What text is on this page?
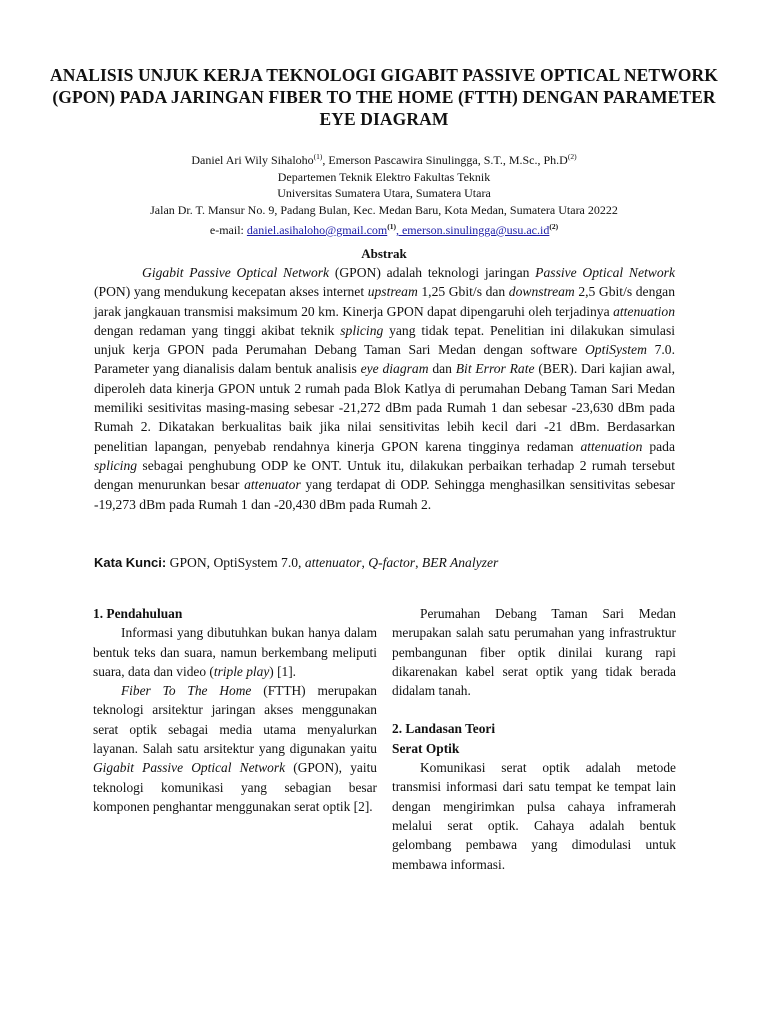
ANALISIS UNJUK KERJA TEKNOLOGI GIGABIT PASSIVE OPTICAL NETWORK (GPON) PADA JARINGAN FIBER TO THE HOME (FTTH) DENGAN PARAMETER EYE DIAGRAM
Daniel Ari Wily Sihaloho$^{(1)}$, Emerson Pascawira Sinulingga, S.T., M.Sc., $Ph.D^{(2)}$
Departemen Teknik Elektro Fakultas Teknik
Universitas Sumatera Utara, Sumatera Utara
Jalan Dr. T. Mansur No. 9, Padang Bulan, Kec. Medan Baru, Kota Medan, Sumatera Utara 20222
e-mail: daniel.asihaloho@gmail.com$^{(1)}$, $emerson.sinulingga@usu.ac.id^{(2)}$
Abstrak

Gigabit Passive Optical Network (GPON) adalah teknologi jaringan Passive Optical Network (PON) yang mendukung kecepatan akses internet upstream 1,25 Gbit/s dan downstream 2,5 Gbit/s dengan jarak jangkauan transmisi maksimum 20 km. Kinerja GPON dapat dipengaruhi oleh terjadinya attenuation dengan redaman yang tinggi akibat teknik splicing yang tidak tepat. Penelitian ini dilakukan simulasi unjuk kerja GPON pada Perumahan Debang Taman Sari Medan dengan software OptiSystem 7.0. Parameter yang dianalisis dalam bentuk analisis eye diagram dan Bit Error Rate (BER). Dari kajian awal, diperoleh data kinerja GPON untuk 2 rumah pada Blok Katlya di perumahan Debang Taman Sari Medan memiliki sesitivitas masing-masing sebesar -21,272 dBm pada Rumah 1 dan sebesar -23,630 dBm pada Rumah 2. Dikatakan berkualitas baik jika nilai sensitivitas lebih kecil dari -21 dBm. Berdasarkan penelitian lapangan, penyebab rendahnya kinerja GPON karena tingginya redaman attenuation pada splicing sebagai penghubung ODP ke ONT. Untuk itu, dilakukan perbaikan terhadap 2 rumah tersebut dengan menurunkan besar attenuator yang terdapat di ODP. Sehingga menghasilkan sensitivitas sebesar -19,273 dBm pada Rumah 1 dan -20,430 dBm pada Rumah 2.

Kata Kunci: GPON, OptiSystem 7.0, attenuator, Q-factor, BER Analyzer
1. Pendahuluan

Informasi yang dibutuhkan bukan hanya dalam bentuk teks dan suara, namun berkembang meliputi suara, data dan video (triple play) [1].

Fiber To The Home (FTTH) merupakan teknologi arsitektur jaringan akses menggunakan serat optik sebagai media utama menyalurkan layanan. Salah satu arsitektur yang digunakan yaitu Gigabit Passive Optical Network (GPON), yaitu teknologi komunikasi yang sebagian besar komponen penghantar menggunakan serat optik [2].

Perumahan Debang Taman Sari Medan merupakan salah satu perumahan yang infrastruktur pembangunan fiber optik dinilai kurang rapi dikarenakan kabel serat optik yang tidak berada didalam tanah.

2. Landasan Teori
Serat Optik

Komunikasi serat optik adalah metode transmisi informasi dari satu tempat ke tempat lain dengan mengirimkan pulsa cahaya inframerah melalui serat optik. Cahaya adalah bentuk gelombang pembawa yang dimodulasi untuk membawa informasi.
